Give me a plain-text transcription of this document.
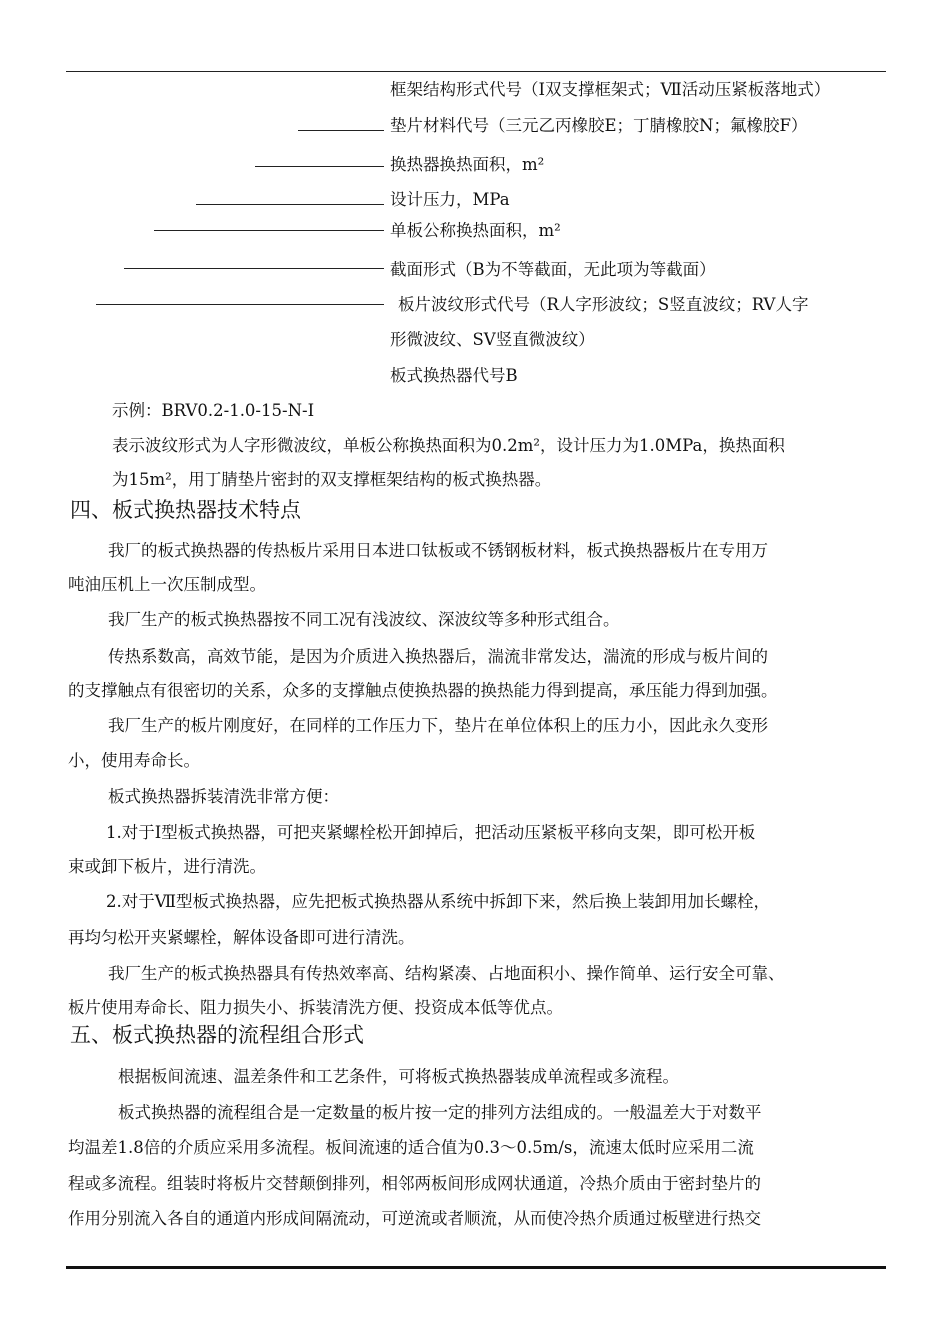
框架结构形式代号（Ⅰ双支撑框架式；Ⅶ活动压紧板落地式）
垫片材料代号（三元乙丙橡胶E；丁腈橡胶N；氟橡胶F）
换热器换热面积，m²
设计压力，MPa
单板公称换热面积，m²
截面形式（B为不等截面，无此项为等截面）
板片波纹形式代号（R人字形波纹；S竖直波纹；RV人字
形微波纹、SV竖直微波纹）
板式换热器代号B
示例：BRV0.2-1.0-15-N-Ⅰ
表示波纹形式为人字形微波纹，单板公称换热面积为0.2m²，设计压力为1.0MPa，换热面积
为15m²，用丁腈垫片密封的双支撑框架结构的板式换热器。
四、板式换热器技术特点
我厂的板式换热器的传热板片采用日本进口钛板或不锈钢板材料，板式换热器板片在专用万
吨油压机上一次压制成型。
我厂生产的板式换热器按不同工况有浅波纹、深波纹等多种形式组合。
传热系数高，高效节能，是因为介质进入换热器后，湍流非常发达，湍流的形成与板片间的
的支撑触点有很密切的关系，众多的支撑触点使换热器的换热能力得到提高，承压能力得到加强。
我厂生产的板片刚度好，在同样的工作压力下，垫片在单位体积上的压力小，因此永久变形
小，使用寿命长。
板式换热器拆装清洗非常方便：
1.对于Ⅰ型板式换热器，可把夹紧螺栓松开卸掉后，把活动压紧板平移向支架，即可松开板
束或卸下板片，进行清洗。
2.对于Ⅶ型板式换热器，应先把板式换热器从系统中拆卸下来，然后换上装卸用加长螺栓，
再均匀松开夹紧螺栓，解体设备即可进行清洗。
我厂生产的板式换热器具有传热效率高、结构紧凑、占地面积小、操作简单、运行安全可靠、
板片使用寿命长、阻力损失小、拆装清洗方便、投资成本低等优点。
五、板式换热器的流程组合形式
根据板间流速、温差条件和工艺条件，可将板式换热器装成单流程或多流程。
板式换热器的流程组合是一定数量的板片按一定的排列方法组成的。一般温差大于对数平
均温差1.8倍的介质应采用多流程。板间流速的适合值为0.3～0.5m/s，流速太低时应采用二流
程或多流程。组装时将板片交替颠倒排列，相邻两板间形成网状通道，冷热介质由于密封垫片的
作用分别流入各自的通道内形成间隔流动，可逆流或者顺流，从而使冷热介质通过板壁进行热交
